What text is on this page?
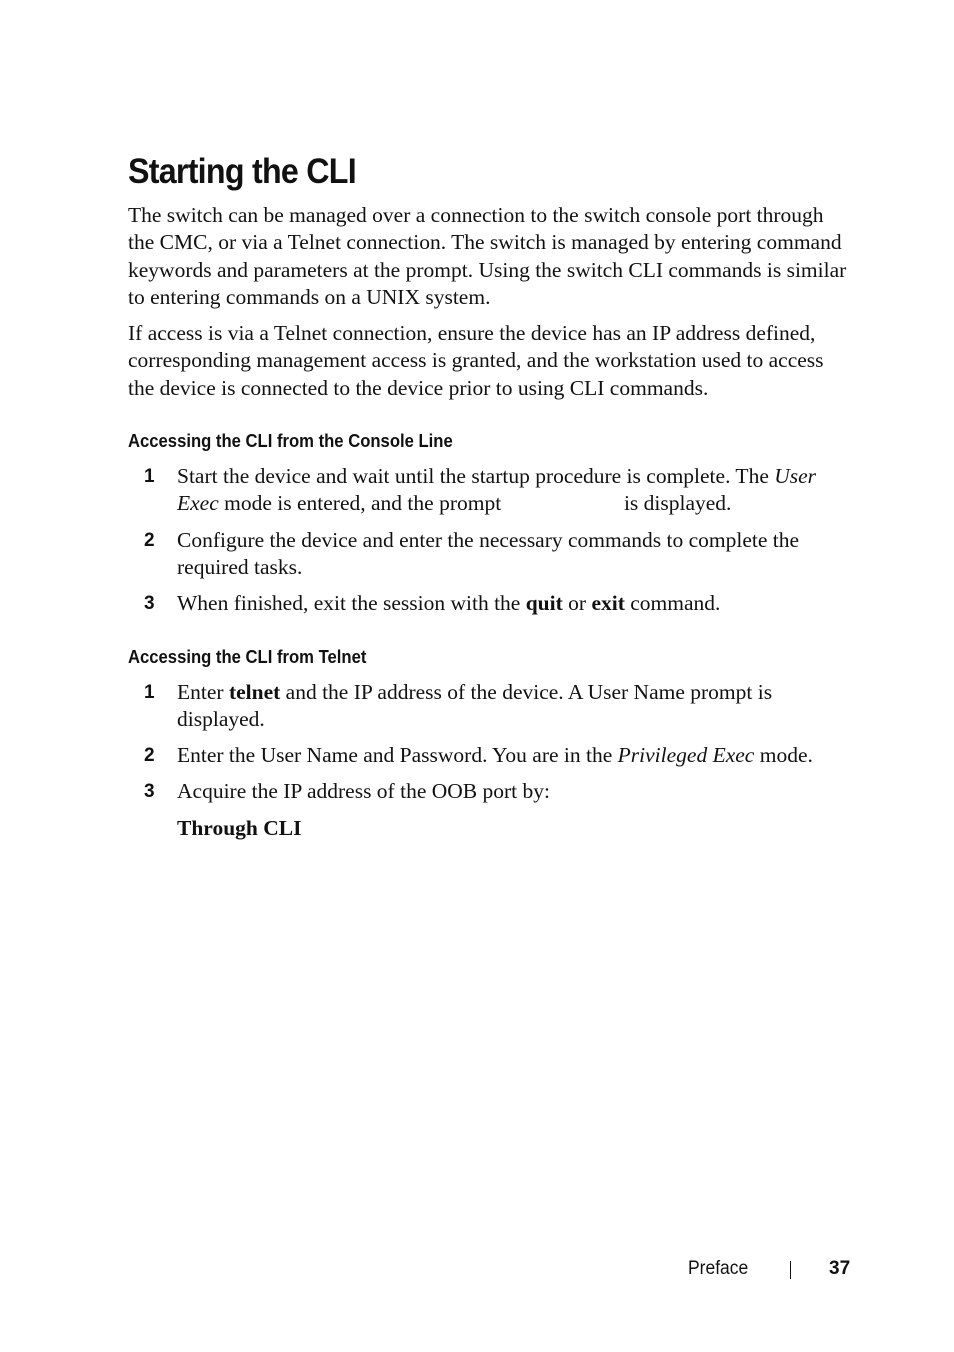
Starting the CLI

The switch can be managed over a connection to the switch console port through the CMC, or via a Telnet connection. The switch is managed by entering command keywords and parameters at the prompt. Using the switch CLI commands is similar to entering commands on a UNIX system.

If access is via a Telnet connection, ensure the device has an IP address defined, corresponding management access is granted, and the workstation used to access the device is connected to the device prior to using CLI commands.

Accessing the CLI from the Console Line
1 Start the device and wait until the startup procedure is complete. The User Exec mode is entered, and the prompt	is displayed.
2 Configure the device and enter the necessary commands to complete the required tasks.
3 When finished, exit the session with the quit or exit command.
Accessing the CLI from Telnet
1 Enter telnet and the IP address of the device. A User Name prompt is displayed.
2 Enter the User Name and Password. You are in the Privileged Exec mode.
3 Acquire the IP address of the OOB port by:

Through CLI

Preface	37
